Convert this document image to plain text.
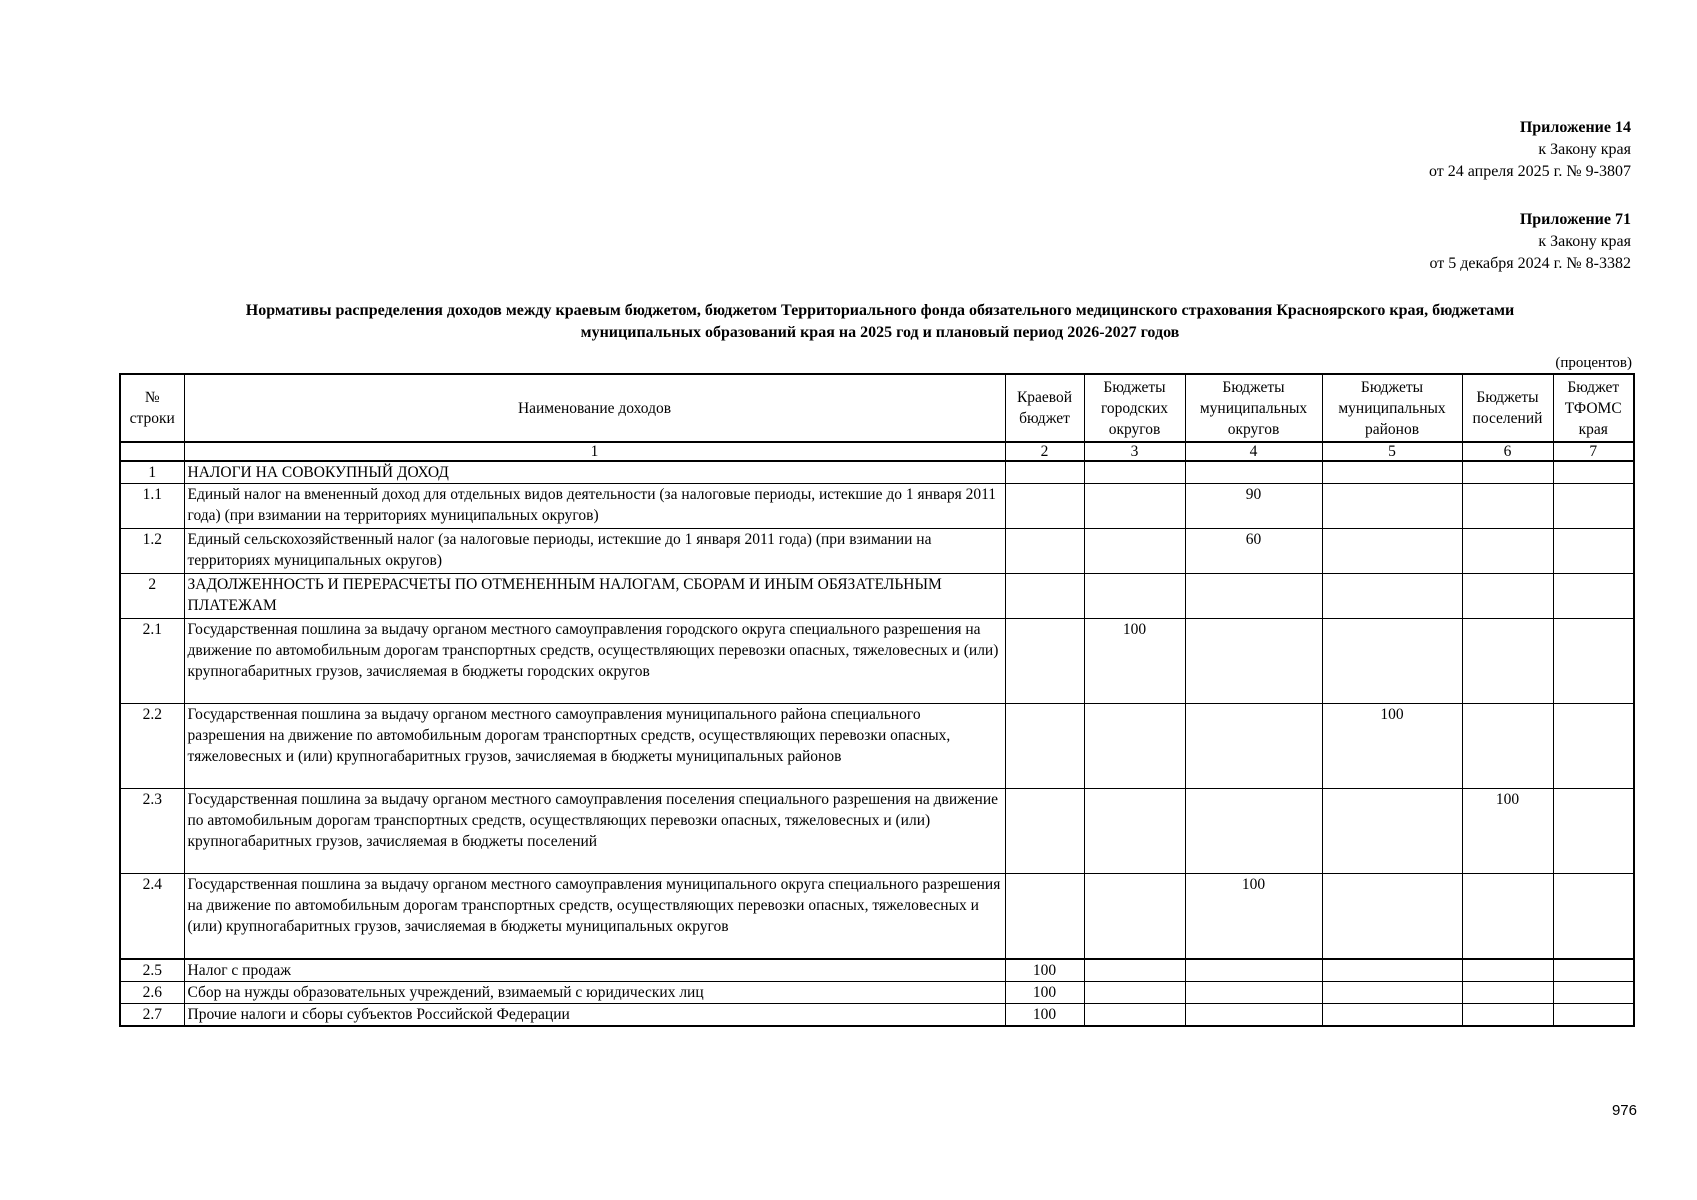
Приложение 14
к Закону края
от 24 апреля 2025 г. № 9-3807
Приложение 71
к Закону края
от 5 декабря 2024 г. № 8-3382
Нормативы распределения доходов между краевым бюджетом, бюджетом Территориального фонда обязательного медицинского страхования Красноярского края, бюджетами
муниципальных образований края на 2025 год и плановый период 2026-2027 годов
(процентов)
№ строки	Наименование доходов	Краевой бюджет	Бюджеты городских округов	Бюджеты муниципальных округов	Бюджеты муниципальных районов	Бюджеты поселений	Бюджет ТФОМС края
	1	2	3	4	5	6	7
1	НАЛОГИ НА СОВОКУПНЫЙ ДОХОД						
1.1	Единый налог на вмененный доход для отдельных видов деятельности (за налоговые периоды, истекшие до 1 января 2011 года) (при взимании на территориях муниципальных округов)			90			
1.2	Единый сельскохозяйственный налог (за налоговые периоды, истекшие до 1 января 2011 года) (при взимании на территориях муниципальных округов)			60			
2	ЗАДОЛЖЕННОСТЬ И ПЕРЕРАСЧЕТЫ ПО ОТМЕНЕННЫМ НАЛОГАМ, СБОРАМ И ИНЫМ ОБЯЗАТЕЛЬНЫМ ПЛАТЕЖАМ						
2.1	Государственная пошлина за выдачу органом местного самоуправления городского округа специального разрешения на движение по автомобильным дорогам транспортных средств, осуществляющих перевозки опасных, тяжеловесных и (или) крупногабаритных грузов, зачисляемая в бюджеты городских округов		100				
2.2	Государственная пошлина за выдачу органом местного самоуправления муниципального района специального разрешения на движение по автомобильным дорогам транспортных средств, осуществляющих перевозки опасных, тяжеловесных и (или) крупногабаритных грузов, зачисляемая в бюджеты муниципальных районов				100		
2.3	Государственная пошлина за выдачу органом местного самоуправления поселения специального разрешения на движение по автомобильным дорогам транспортных средств, осуществляющих перевозки опасных, тяжеловесных и (или) крупногабаритных грузов, зачисляемая в бюджеты поселений					100	
2.4	Государственная пошлина за выдачу органом местного самоуправления муниципального округа специального разрешения на движение по автомобильным дорогам транспортных средств, осуществляющих перевозки опасных, тяжеловесных и (или) крупногабаритных грузов, зачисляемая в бюджеты муниципальных округов			100			
2.5	Налог с продаж	100					
2.6	Сбор на нужды образовательных учреждений, взимаемый с юридических лиц	100					
2.7	Прочие налоги и сборы субъектов Российской Федерации	100					
976
